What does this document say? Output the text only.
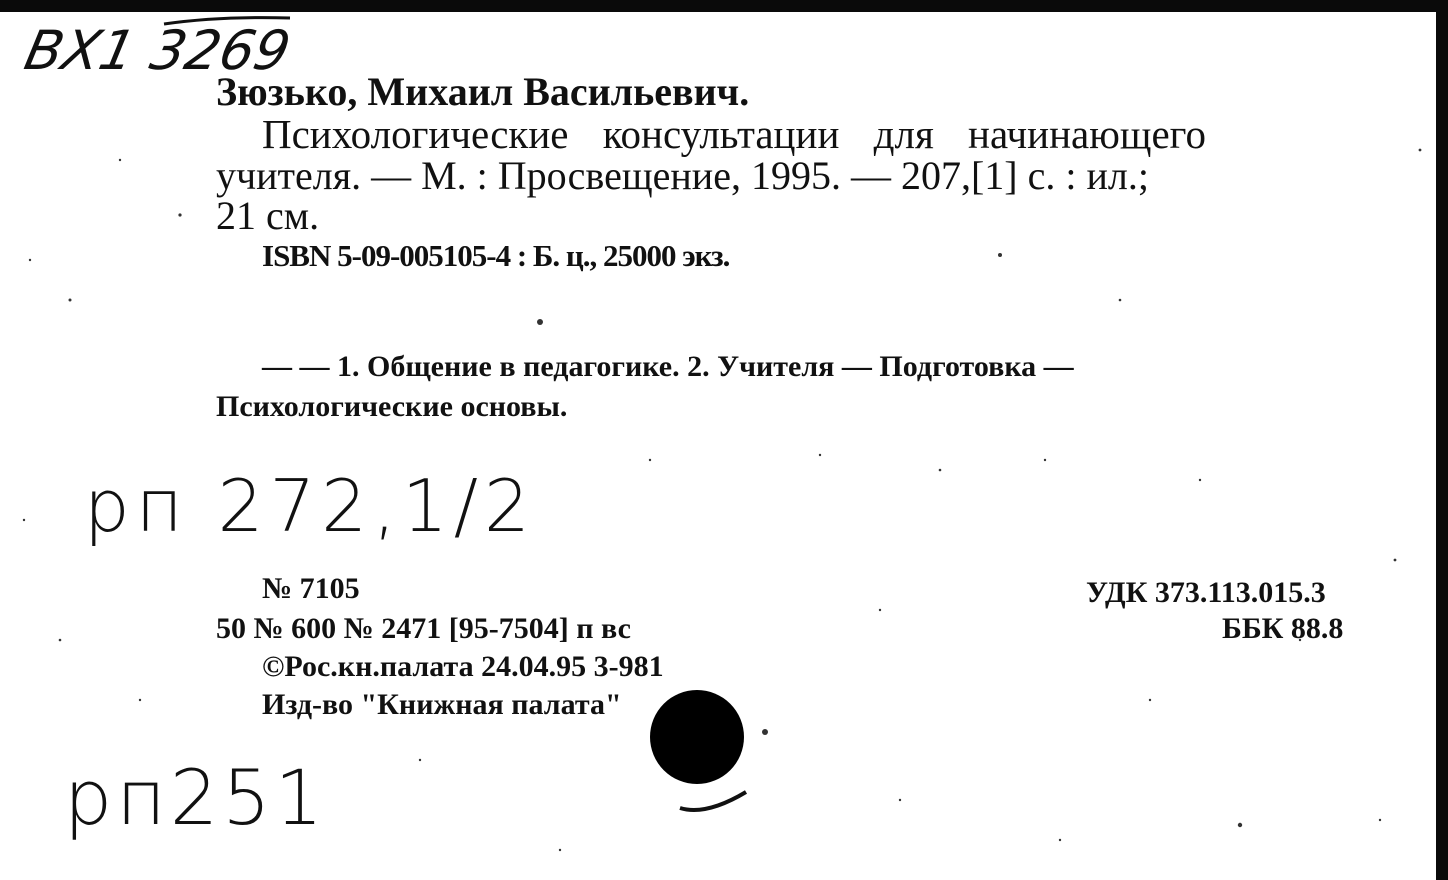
BX1 3269
Зюзько, Михаил Васильевич.
Психологические консультации для начинающего
учителя. — М. : Просвещение, 1995. — 207,[1] с. : ил.;
21 см.
ISBN 5-09-005105-4 : Б. ц., 25000 экз.
— — 1. Общение в педагогике. 2. Учителя — Подготовка —
Психологические основы.
рп 272,1/2
№ 7105
50 № 600 № 2471 [95-7504] п вс
©Рос.кн.палата 24.04.95 3-981
Изд-во "Книжная палата"
УДК 373.113.015.3
ББК 88.8
рп251
